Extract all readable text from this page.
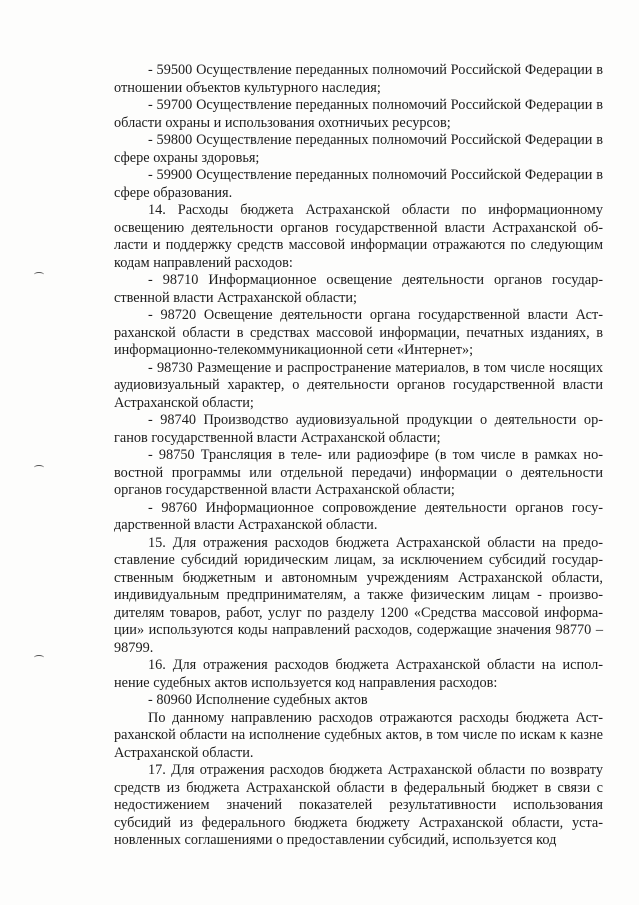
- 59500 Осуществление переданных полномочий Российской Федерации в отношении объектов культурного наследия;

- 59700 Осуществление переданных полномочий Российской Федерации в области охраны и использования охотничьих ресурсов;

- 59800 Осуществление переданных полномочий Российской Федерации в сфере охраны здоровья;

- 59900 Осуществление переданных полномочий Российской Федерации в сфере образования.

14. Расходы бюджета Астраханской области по информационному освещению деятельности органов государственной власти Астраханской области и поддержку средств массовой информации отражаются по следующим кодам направлений расходов:

- 98710 Информационное освещение деятельности органов государственной власти Астраханской области;

- 98720 Освещение деятельности органа государственной власти Астраханской области в средствах массовой информации, печатных изданиях, в информационно-телекоммуникационной сети «Интернет»;

- 98730 Размещение и распространение материалов, в том числе носящих аудиовизуальный характер, о деятельности органов государственной власти Астраханской области;

- 98740 Производство аудиовизуальной продукции о деятельности органов государственной власти Астраханской области;

- 98750 Трансляция в теле- или радиоэфире (в том числе в рамках новостной программы или отдельной передачи) информации о деятельности органов государственной власти Астраханской области;

- 98760 Информационное сопровождение деятельности органов государственной власти Астраханской области.

15. Для отражения расходов бюджета Астраханской области на предоставление субсидий юридическим лицам, за исключением субсидий государственным бюджетным и автономным учреждениям Астраханской области, индивидуальным предпринимателям, а также физическим лицам - производителям товаров, работ, услуг по разделу 1200 «Средства массовой информации» используются коды направлений расходов, содержащие значения 98770 – 98799.

16. Для отражения расходов бюджета Астраханской области на исполнение судебных актов используется код направления расходов:

- 80960 Исполнение судебных актов

По данному направлению расходов отражаются расходы бюджета Астраханской области на исполнение судебных актов, в том числе по искам к казне Астраханской области.

17. Для отражения расходов бюджета Астраханской области по возврату средств из бюджета Астраханской области в федеральный бюджет в связи с недостижением значений показателей результативности использования субсидий из федерального бюджета бюджету Астраханской области, установленных соглашениями о предоставлении субсидий, используется код
